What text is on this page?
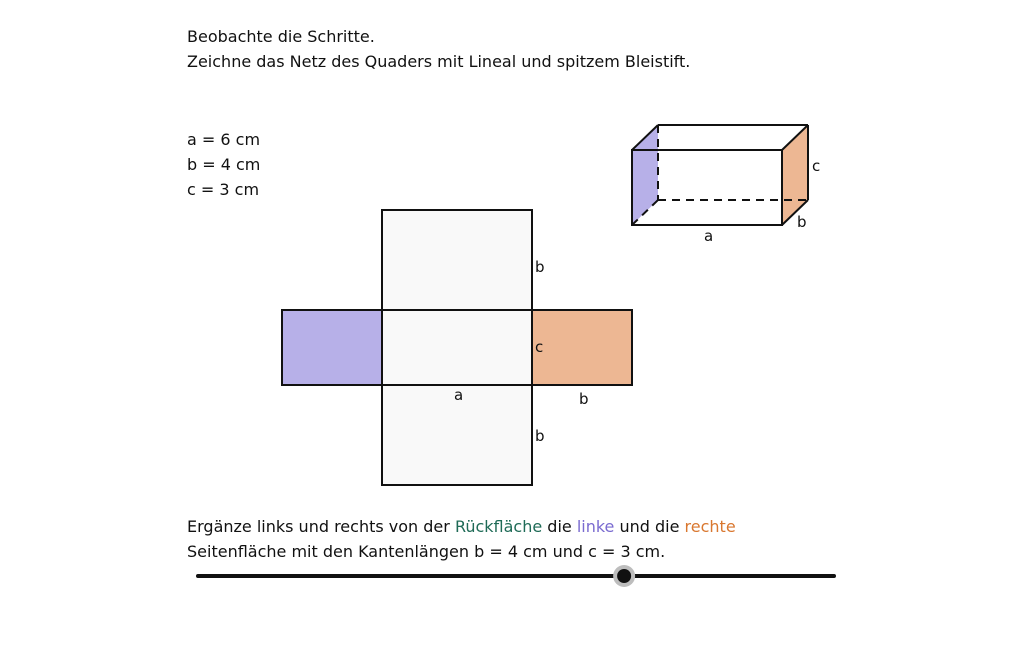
Beobachte die Schritte.
Zeichne das Netz des Quaders mit Lineal und spitzem Bleistift.
a = 6 cm
b = 4 cm
c = 3 cm
b
c
a	b
b
c
b
a
Ergänze links und rechts von der Rückfläche die linke und die rechte
Seitenfläche mit den Kantenlängen b = 4 cm und c = 3 cm.
